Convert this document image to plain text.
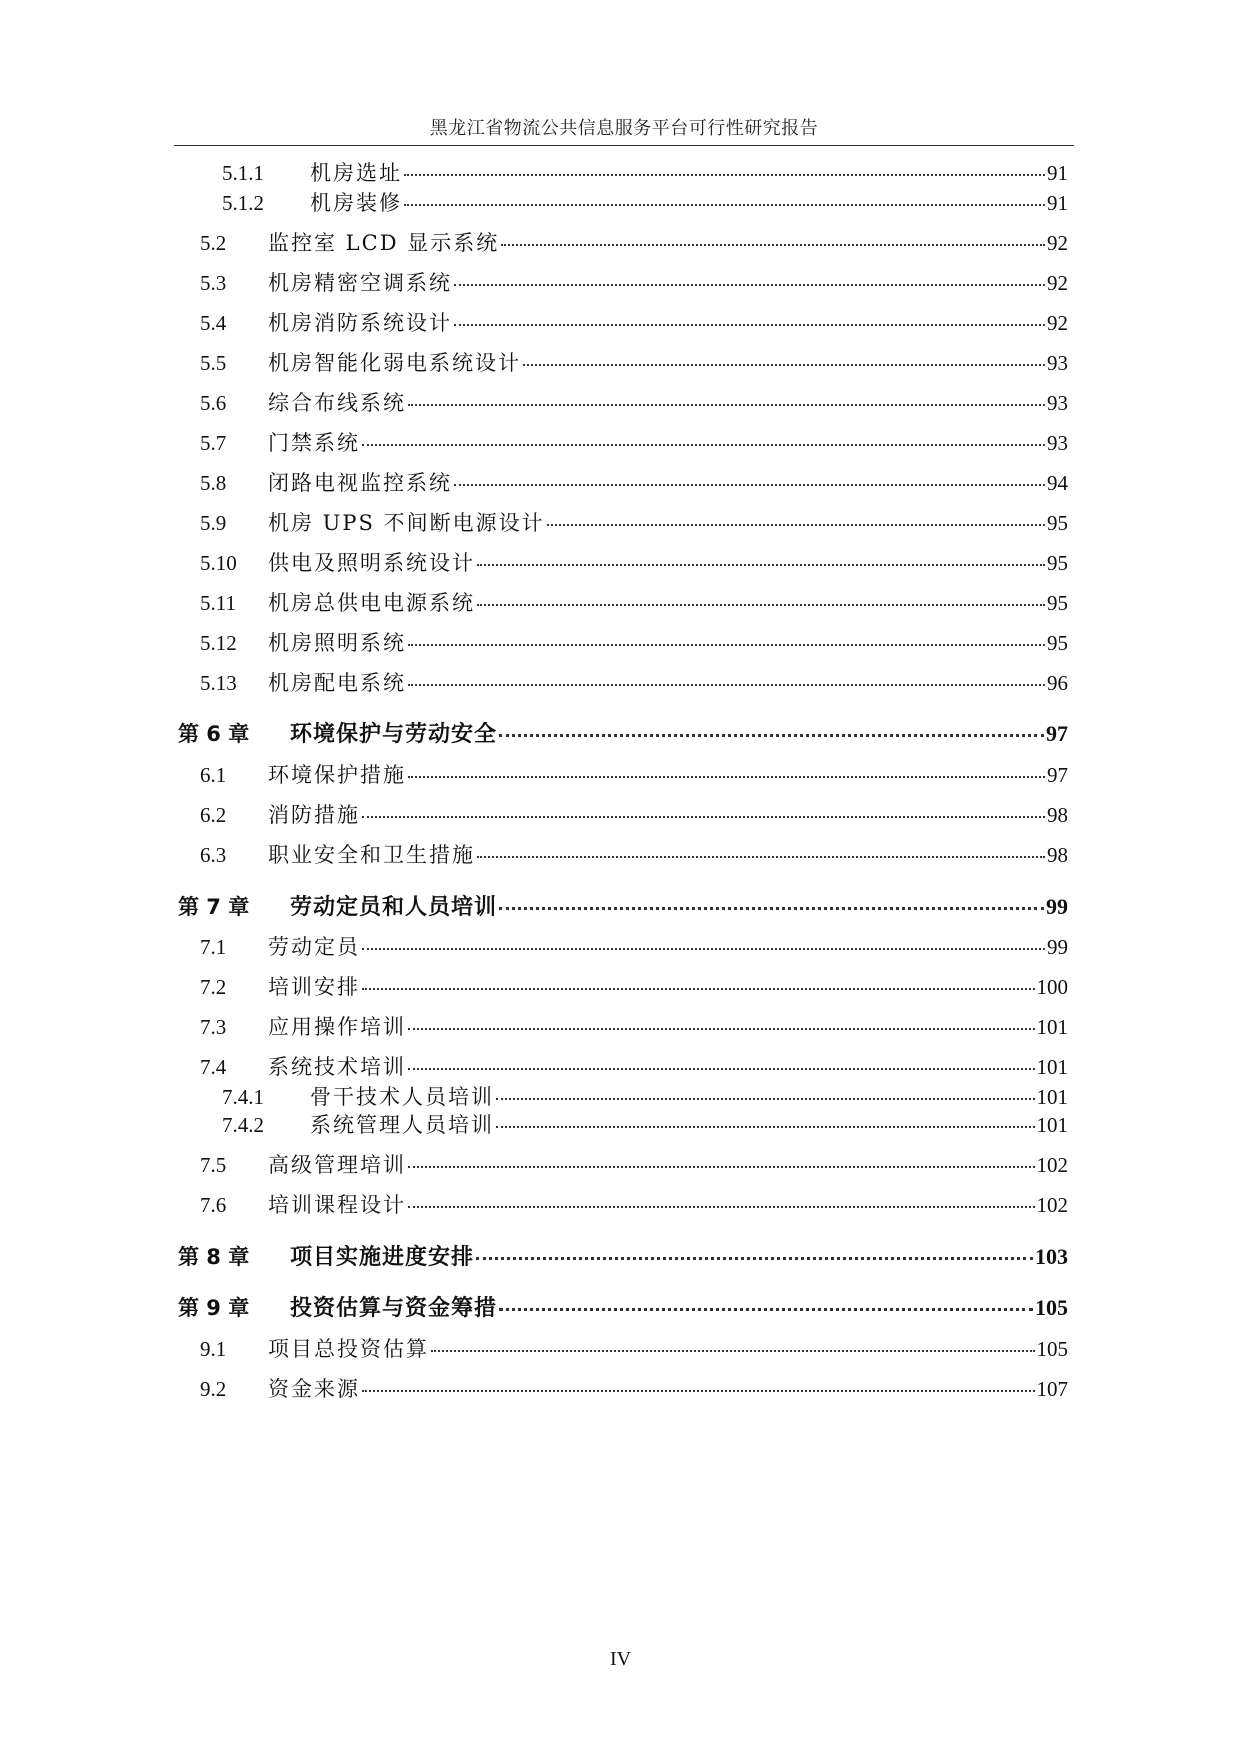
黑龙江省物流公共信息服务平台可行性研究报告
5.1.1	机房选址	91
5.1.2	机房装修	91
5.2	监控室 LCD 显示系统	92
5.3	机房精密空调系统	92
5.4	机房消防系统设计	92
5.5	机房智能化弱电系统设计	93
5.6	综合布线系统	93
5.7	门禁系统	93
5.8	闭路电视监控系统	94
5.9	机房 UPS 不间断电源设计	95
5.10	供电及照明系统设计	95
5.11	机房总供电电源系统	95
5.12	机房照明系统	95
5.13	机房配电系统	96
第 6 章	环境保护与劳动安全	97
6.1	环境保护措施	97
6.2	消防措施	98
6.3	职业安全和卫生措施	98
第 7 章	劳动定员和人员培训	99
7.1	劳动定员	99
7.2	培训安排	100
7.3	应用操作培训	101
7.4	系统技术培训	101
7.4.1	骨干技术人员培训	101
7.4.2	系统管理人员培训	101
7.5	高级管理培训	102
7.6	培训课程设计	102
第 8 章	项目实施进度安排	103
第 9 章	投资估算与资金筹措	105
9.1	项目总投资估算	105
9.2	资金来源	107
IV
